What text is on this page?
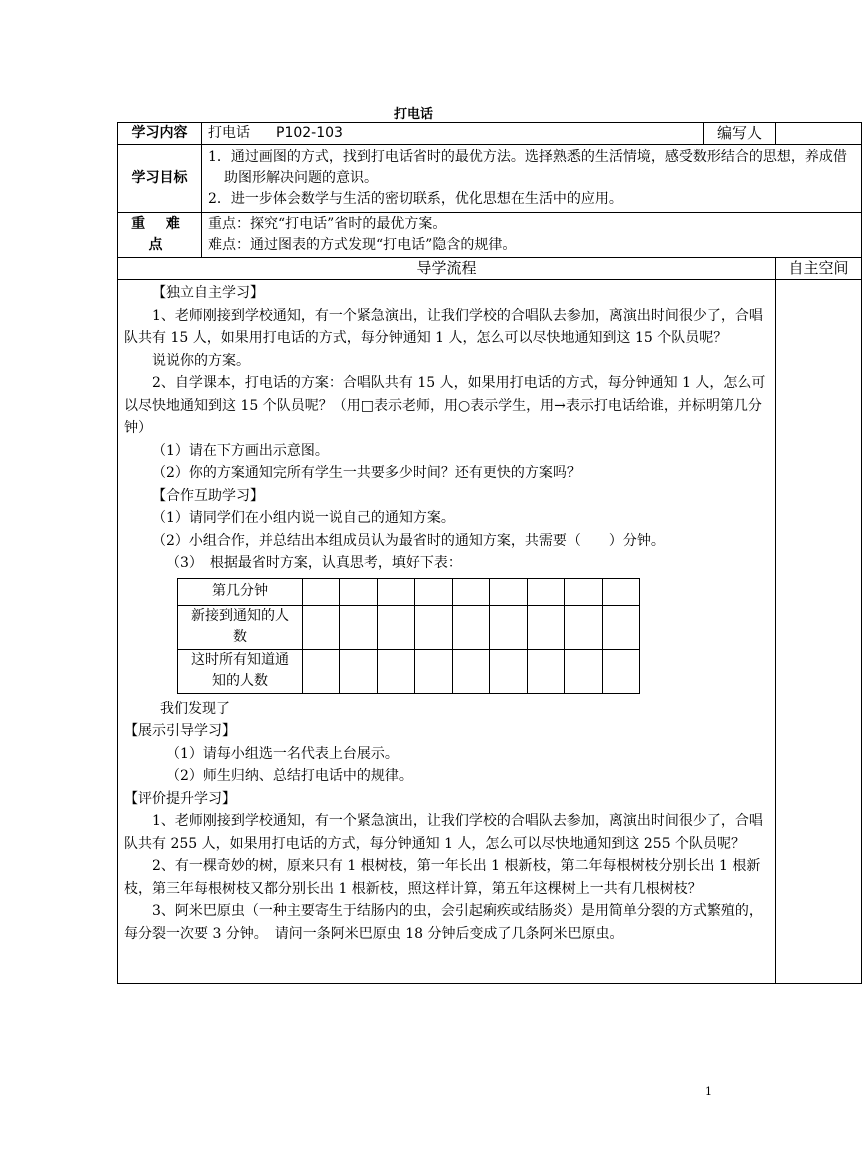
打电话
学习内容	打电话 P102-103	编写人	
学习目标	

1．通过画图的方式，找到打电话省时的最优方法。选择熟悉的生活情境，感受数形结合的思想，养成借助图形解决问题的意识。

2．进一步体会数学与生活的密切联系，优化思想在生活中的应用。

重 难 点	

重点：探究“打电话”省时的最优方案。

难点：通过图表的方式发现“打电话”隐含的规律。

导学流程	自主空间

【独立自主学习】

1、老师刚接到学校通知，有一个紧急演出，让我们学校的合唱队去参加，离演出时间很少了，合唱队共有 15 人，如果用打电话的方式，每分钟通知 1 人，怎么可以尽快地通知到这 15 个队员呢？

说说你的方案。

2、自学课本，打电话的方案：合唱队共有 15 人，如果用打电话的方式，每分钟通知 1 人，怎么可以尽快地通知到这 15 个队员呢？（用□表示老师，用○表示学生，用→表示打电话给谁，并标明第几分钟）

（1）请在下方画出示意图。

（2）你的方案通知完所有学生一共要多少时间？还有更快的方案吗？

【合作互助学习】

（1）请同学们在小组内说一说自己的通知方案。

（2）小组合作，并总结出本组成员认为最省时的通知方案，共需要（　　）分钟。

（3）　根据最省时方案，认真思考，填好下表：

第几分钟									
新接到通知的人数									
这时所有知道通知的人数									

我们发现了

【展示引导学习】

（1）请每小组选一名代表上台展示。

（2）师生归纳、总结打电话中的规律。

【评价提升学习】

1、老师刚接到学校通知，有一个紧急演出，让我们学校的合唱队去参加，离演出时间很少了，合唱队共有 255 人，如果用打电话的方式，每分钟通知 1 人，怎么可以尽快地通知到这 255 个队员呢？

2、有一棵奇妙的树，原来只有 1 根树枝，第一年长出 1 根新枝，第二年每根树枝分别长出 1 根新枝，第三年每根树枝又都分别长出 1 根新枝，照这样计算，第五年这棵树上一共有几根树枝？

3、阿米巴原虫（一种主要寄生于结肠内的虫，会引起痢疾或结肠炎）是用简单分裂的方式繁殖的，每分裂一次要 3 分钟。　请问一条阿米巴原虫 18 分钟后变成了几条阿米巴原虫。

1
